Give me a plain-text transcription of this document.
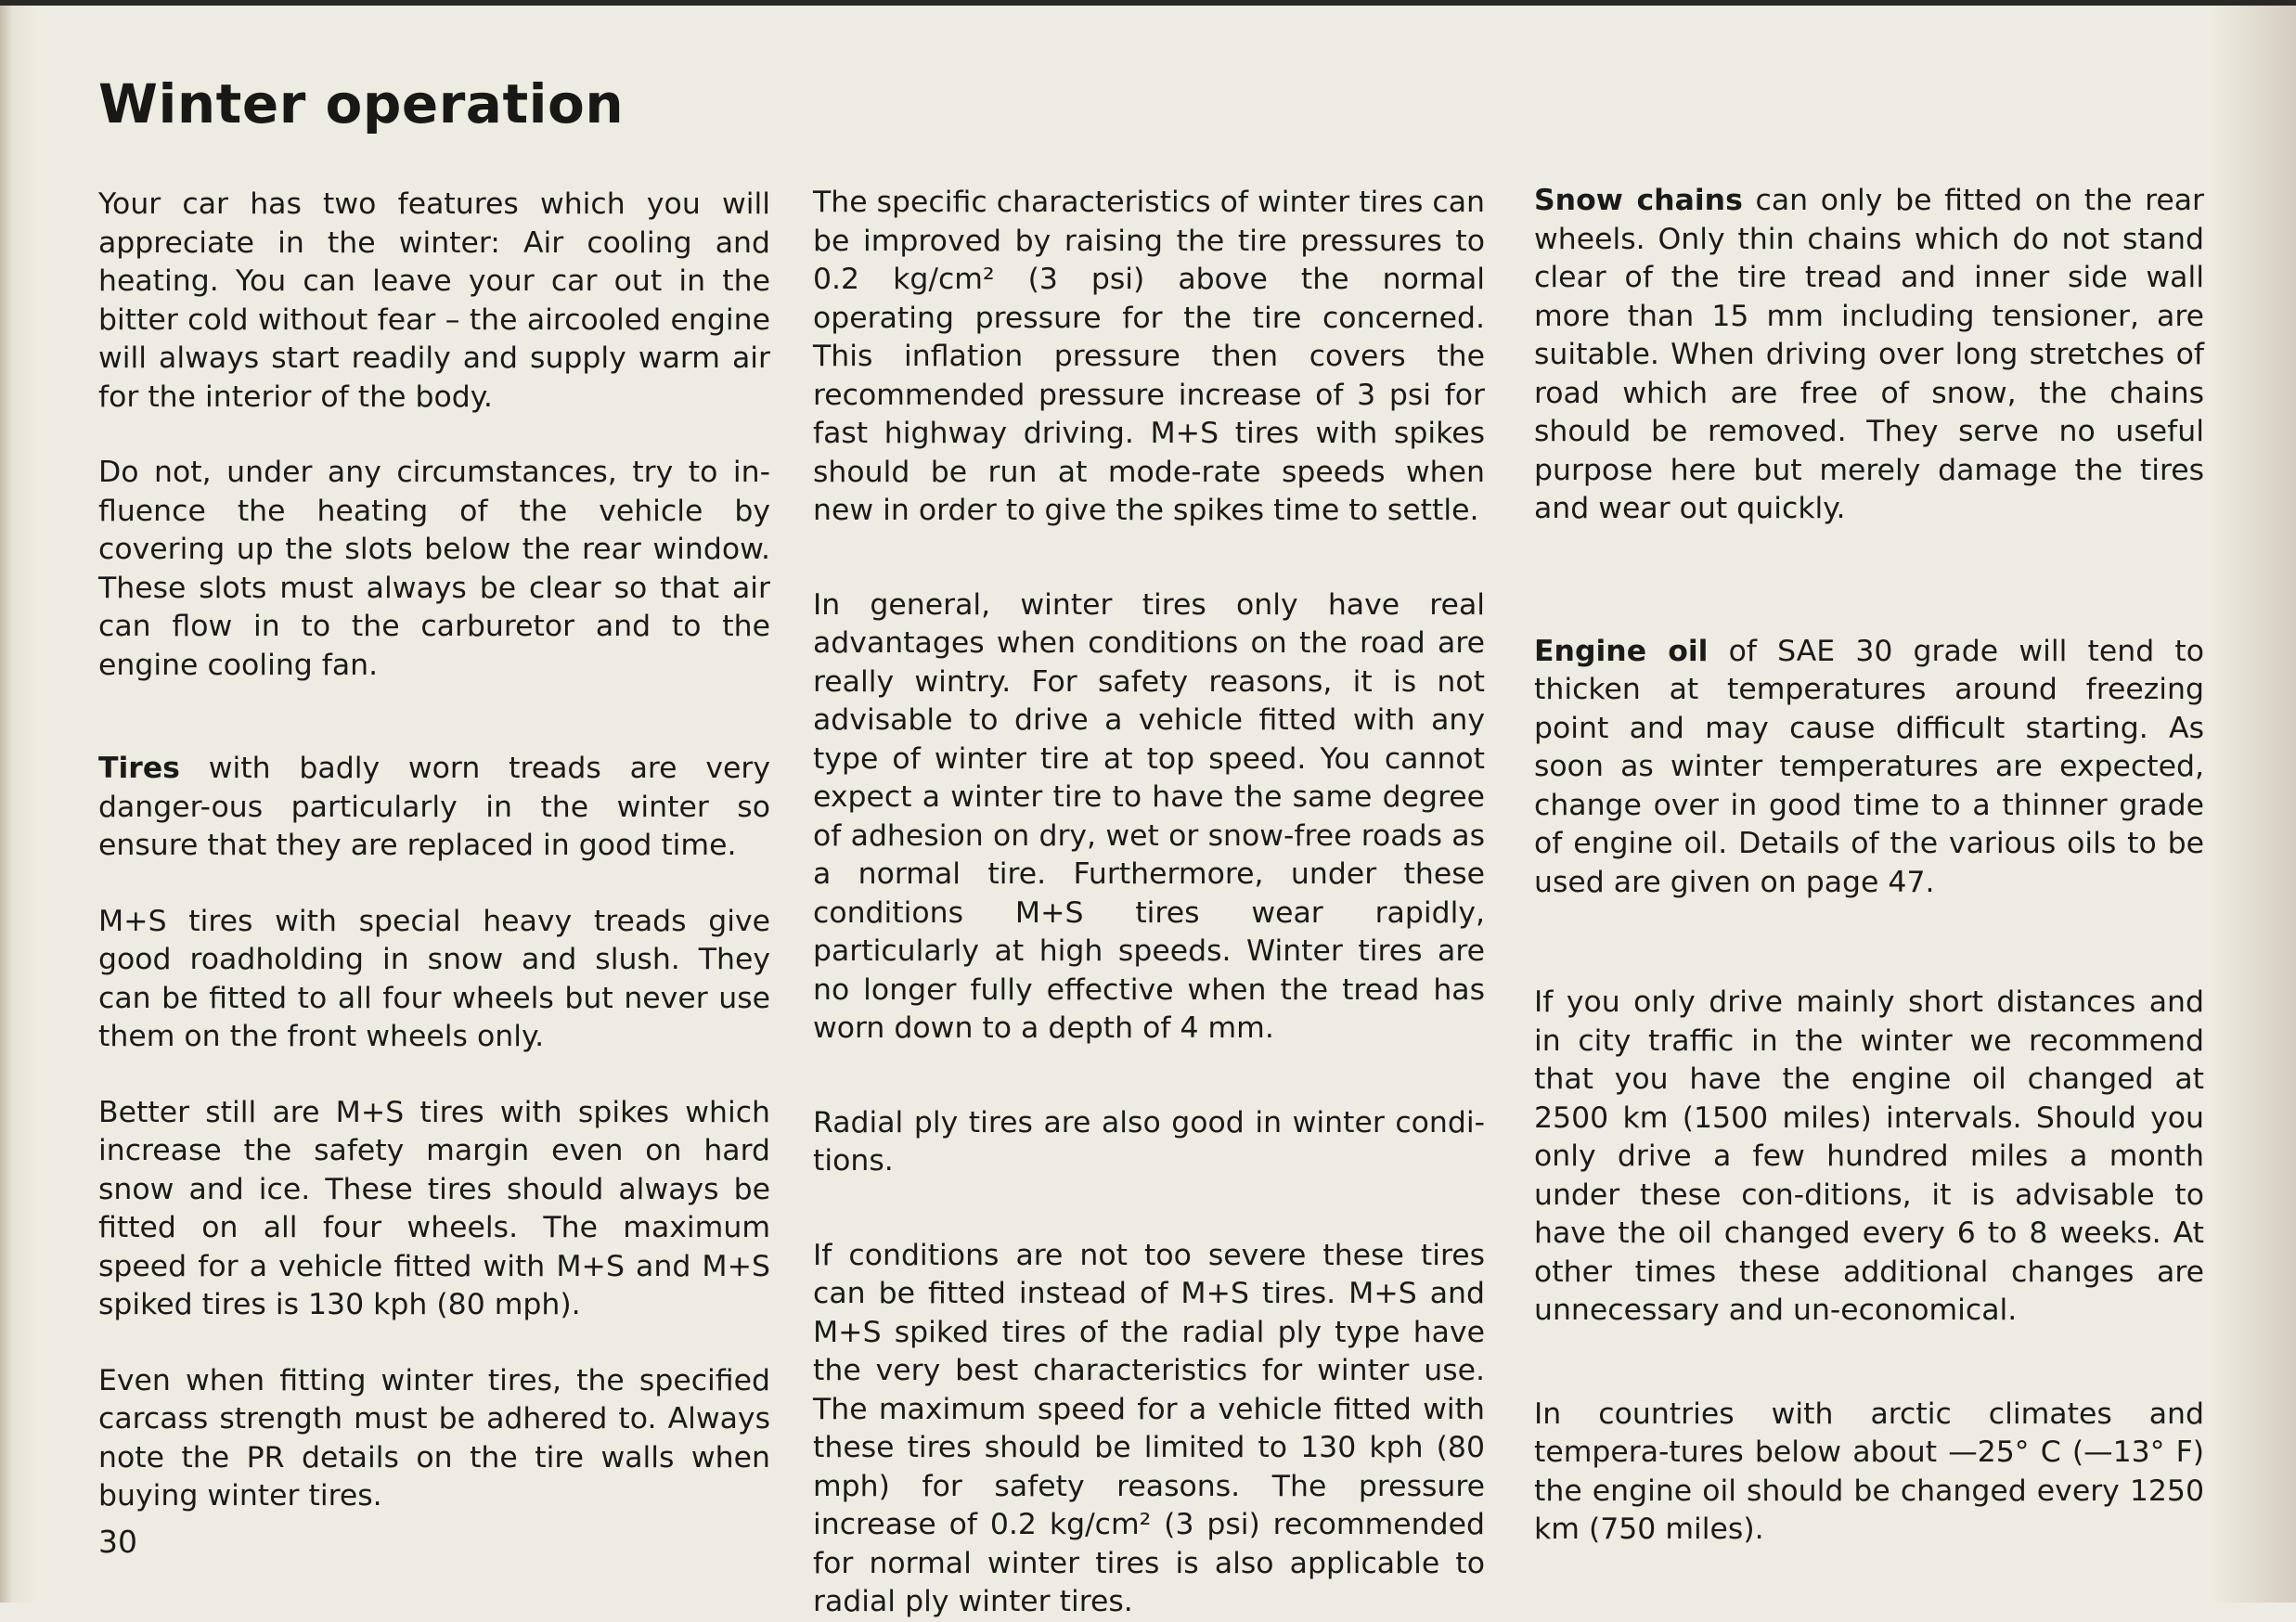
Winter operation

Your car has two features which you will appreciate in the winter: Air cooling and heating. You can leave your car out in the bitter cold without fear – the aircooled engine will always start readily and supply warm air for the interior of the body.

Do not, under any circumstances, try to in-fluence the heating of the vehicle by covering up the slots below the rear window. These slots must always be clear so that air can flow in to the carburetor and to the engine cooling fan.

Tires with badly worn treads are very danger-ous particularly in the winter so ensure that they are replaced in good time.

M+S tires with special heavy treads give good roadholding in snow and slush. They can be fitted to all four wheels but never use them on the front wheels only.

Better still are M+S tires with spikes which increase the safety margin even on hard snow and ice. These tires should always be fitted on all four wheels. The maximum speed for a vehicle fitted with M+S and M+S spiked tires is 130 kph (80 mph).

Even when fitting winter tires, the specified carcass strength must be adhered to. Always note the PR details on the tire walls when buying winter tires.

The specific characteristics of winter tires can be improved by raising the tire pressures to 0.2 kg/cm² (3 psi) above the normal operating pressure for the tire concerned. This inflation pressure then covers the recommended pressure increase of 3 psi for fast highway driving. M+S tires with spikes should be run at mode-rate speeds when new in order to give the spikes time to settle.

In general, winter tires only have real advantages when conditions on the road are really wintry. For safety reasons, it is not advisable to drive a vehicle fitted with any type of winter tire at top speed. You cannot expect a winter tire to have the same degree of adhesion on dry, wet or snow-free roads as a normal tire. Furthermore, under these conditions M+S tires wear rapidly, particularly at high speeds. Winter tires are no longer fully effective when the tread has worn down to a depth of 4 mm.

Radial ply tires are also good in winter condi-tions.

If conditions are not too severe these tires can be fitted instead of M+S tires. M+S and M+S spiked tires of the radial ply type have the very best characteristics for winter use. The maximum speed for a vehicle fitted with these tires should be limited to 130 kph (80 mph) for safety reasons. The pressure increase of 0.2 kg/cm² (3 psi) recommended for normal winter tires is also applicable to radial ply winter tires.

Snow chains can only be fitted on the rear wheels. Only thin chains which do not stand clear of the tire tread and inner side wall more than 15 mm including tensioner, are suitable. When driving over long stretches of road which are free of snow, the chains should be removed. They serve no useful purpose here but merely damage the tires and wear out quickly.

Engine oil of SAE 30 grade will tend to thicken at temperatures around freezing point and may cause difficult starting. As soon as winter temperatures are expected, change over in good time to a thinner grade of engine oil. Details of the various oils to be used are given on page 47.

If you only drive mainly short distances and in city traffic in the winter we recommend that you have the engine oil changed at 2500 km (1500 miles) intervals. Should you only drive a few hundred miles a month under these con-ditions, it is advisable to have the oil changed every 6 to 8 weeks. At other times these additional changes are unnecessary and un-economical.

In countries with arctic climates and tempera-tures below about —25° C (—13° F) the engine oil should be changed every 1250 km (750 miles).

30
